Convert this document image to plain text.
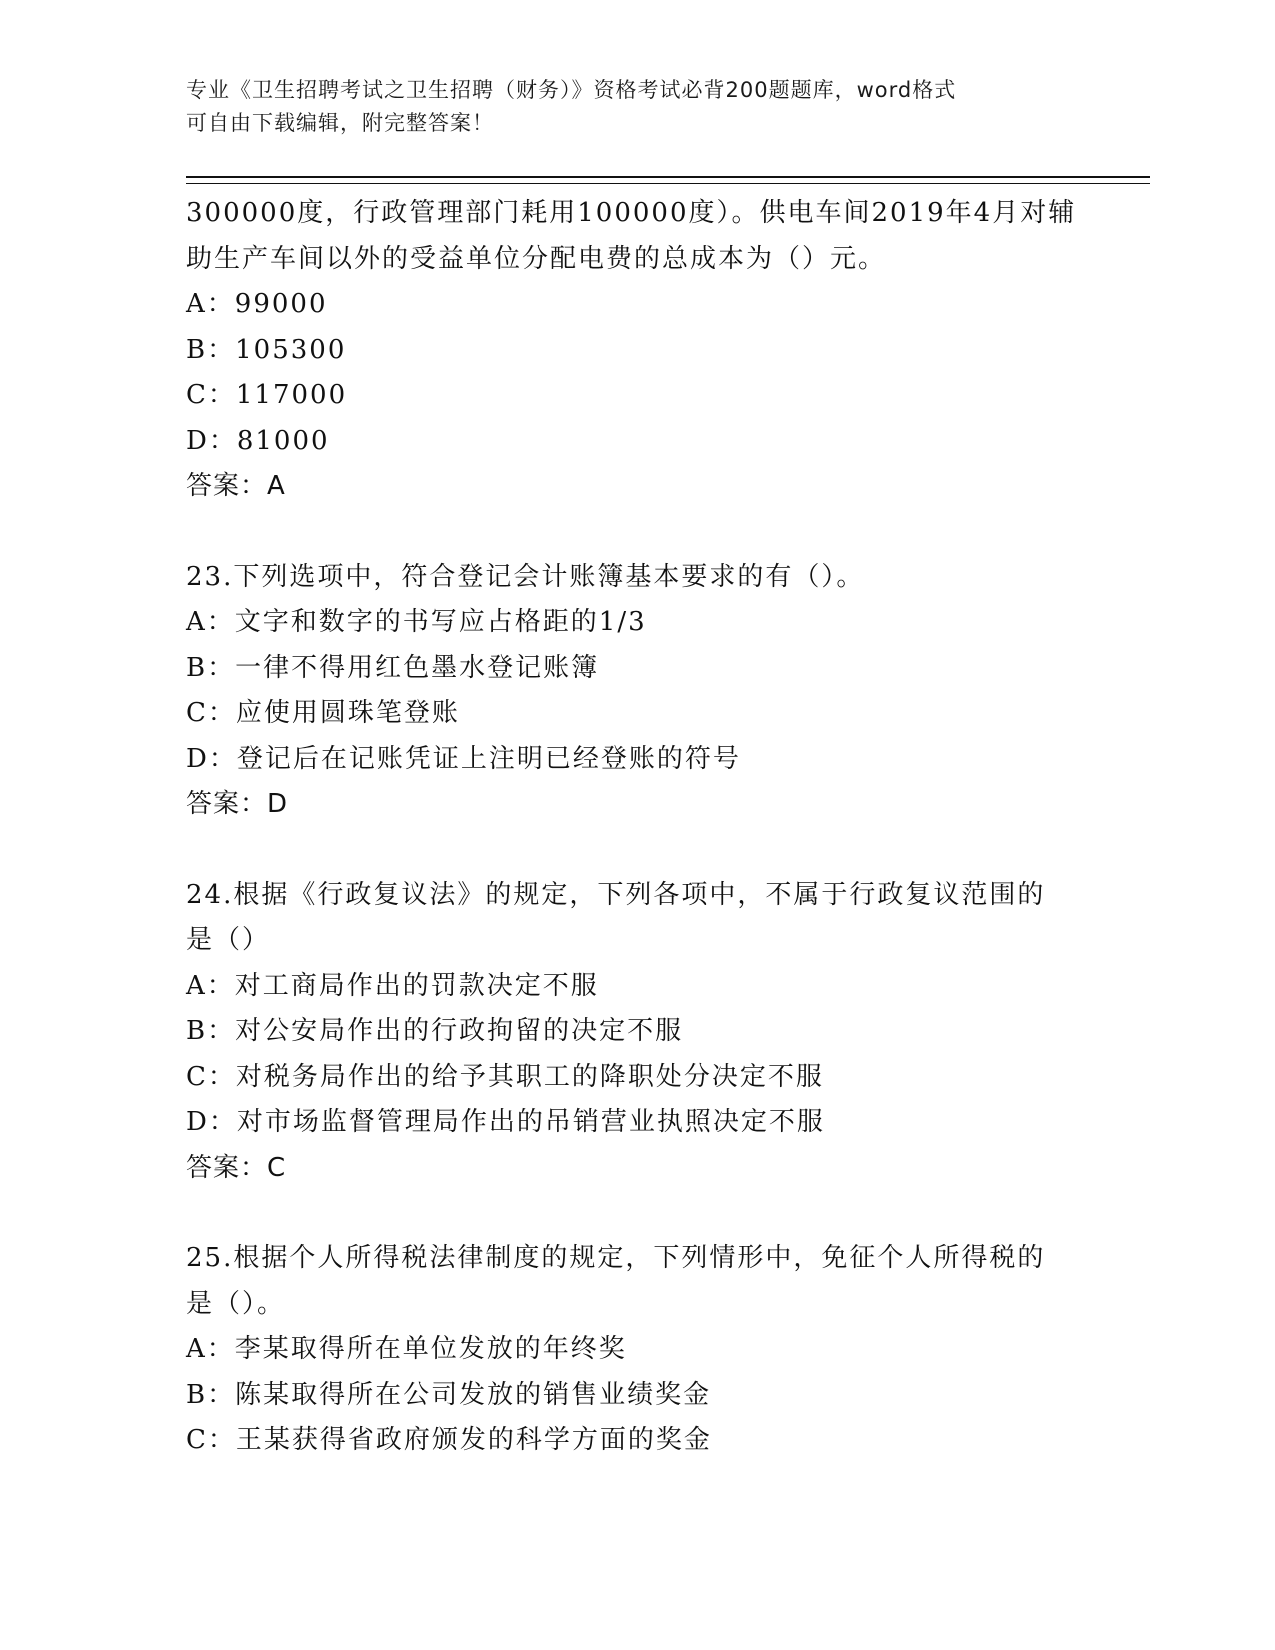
专业《卫生招聘考试之卫生招聘（财务）》资格考试必背200题题库，word格式
可自由下载编辑，附完整答案！
300000度，行政管理部门耗用100000度）。供电车间2019年4月对辅
助生产车间以外的受益单位分配电费的总成本为（）元。
A：99000
B：105300
C：117000
D：81000
答案：A
23.下列选项中，符合登记会计账簿基本要求的有（）。
A：文字和数字的书写应占格距的1/3
B：一律不得用红色墨水登记账簿
C：应使用圆珠笔登账
D：登记后在记账凭证上注明已经登账的符号
答案：D
24.根据《行政复议法》的规定，下列各项中，不属于行政复议范围的
是（）
A：对工商局作出的罚款决定不服
B：对公安局作出的行政拘留的决定不服
C：对税务局作出的给予其职工的降职处分决定不服
D：对市场监督管理局作出的吊销营业执照决定不服
答案：C
25.根据个人所得税法律制度的规定，下列情形中，免征个人所得税的
是（）。
A：李某取得所在单位发放的年终奖
B：陈某取得所在公司发放的销售业绩奖金
C：王某获得省政府颁发的科学方面的奖金
